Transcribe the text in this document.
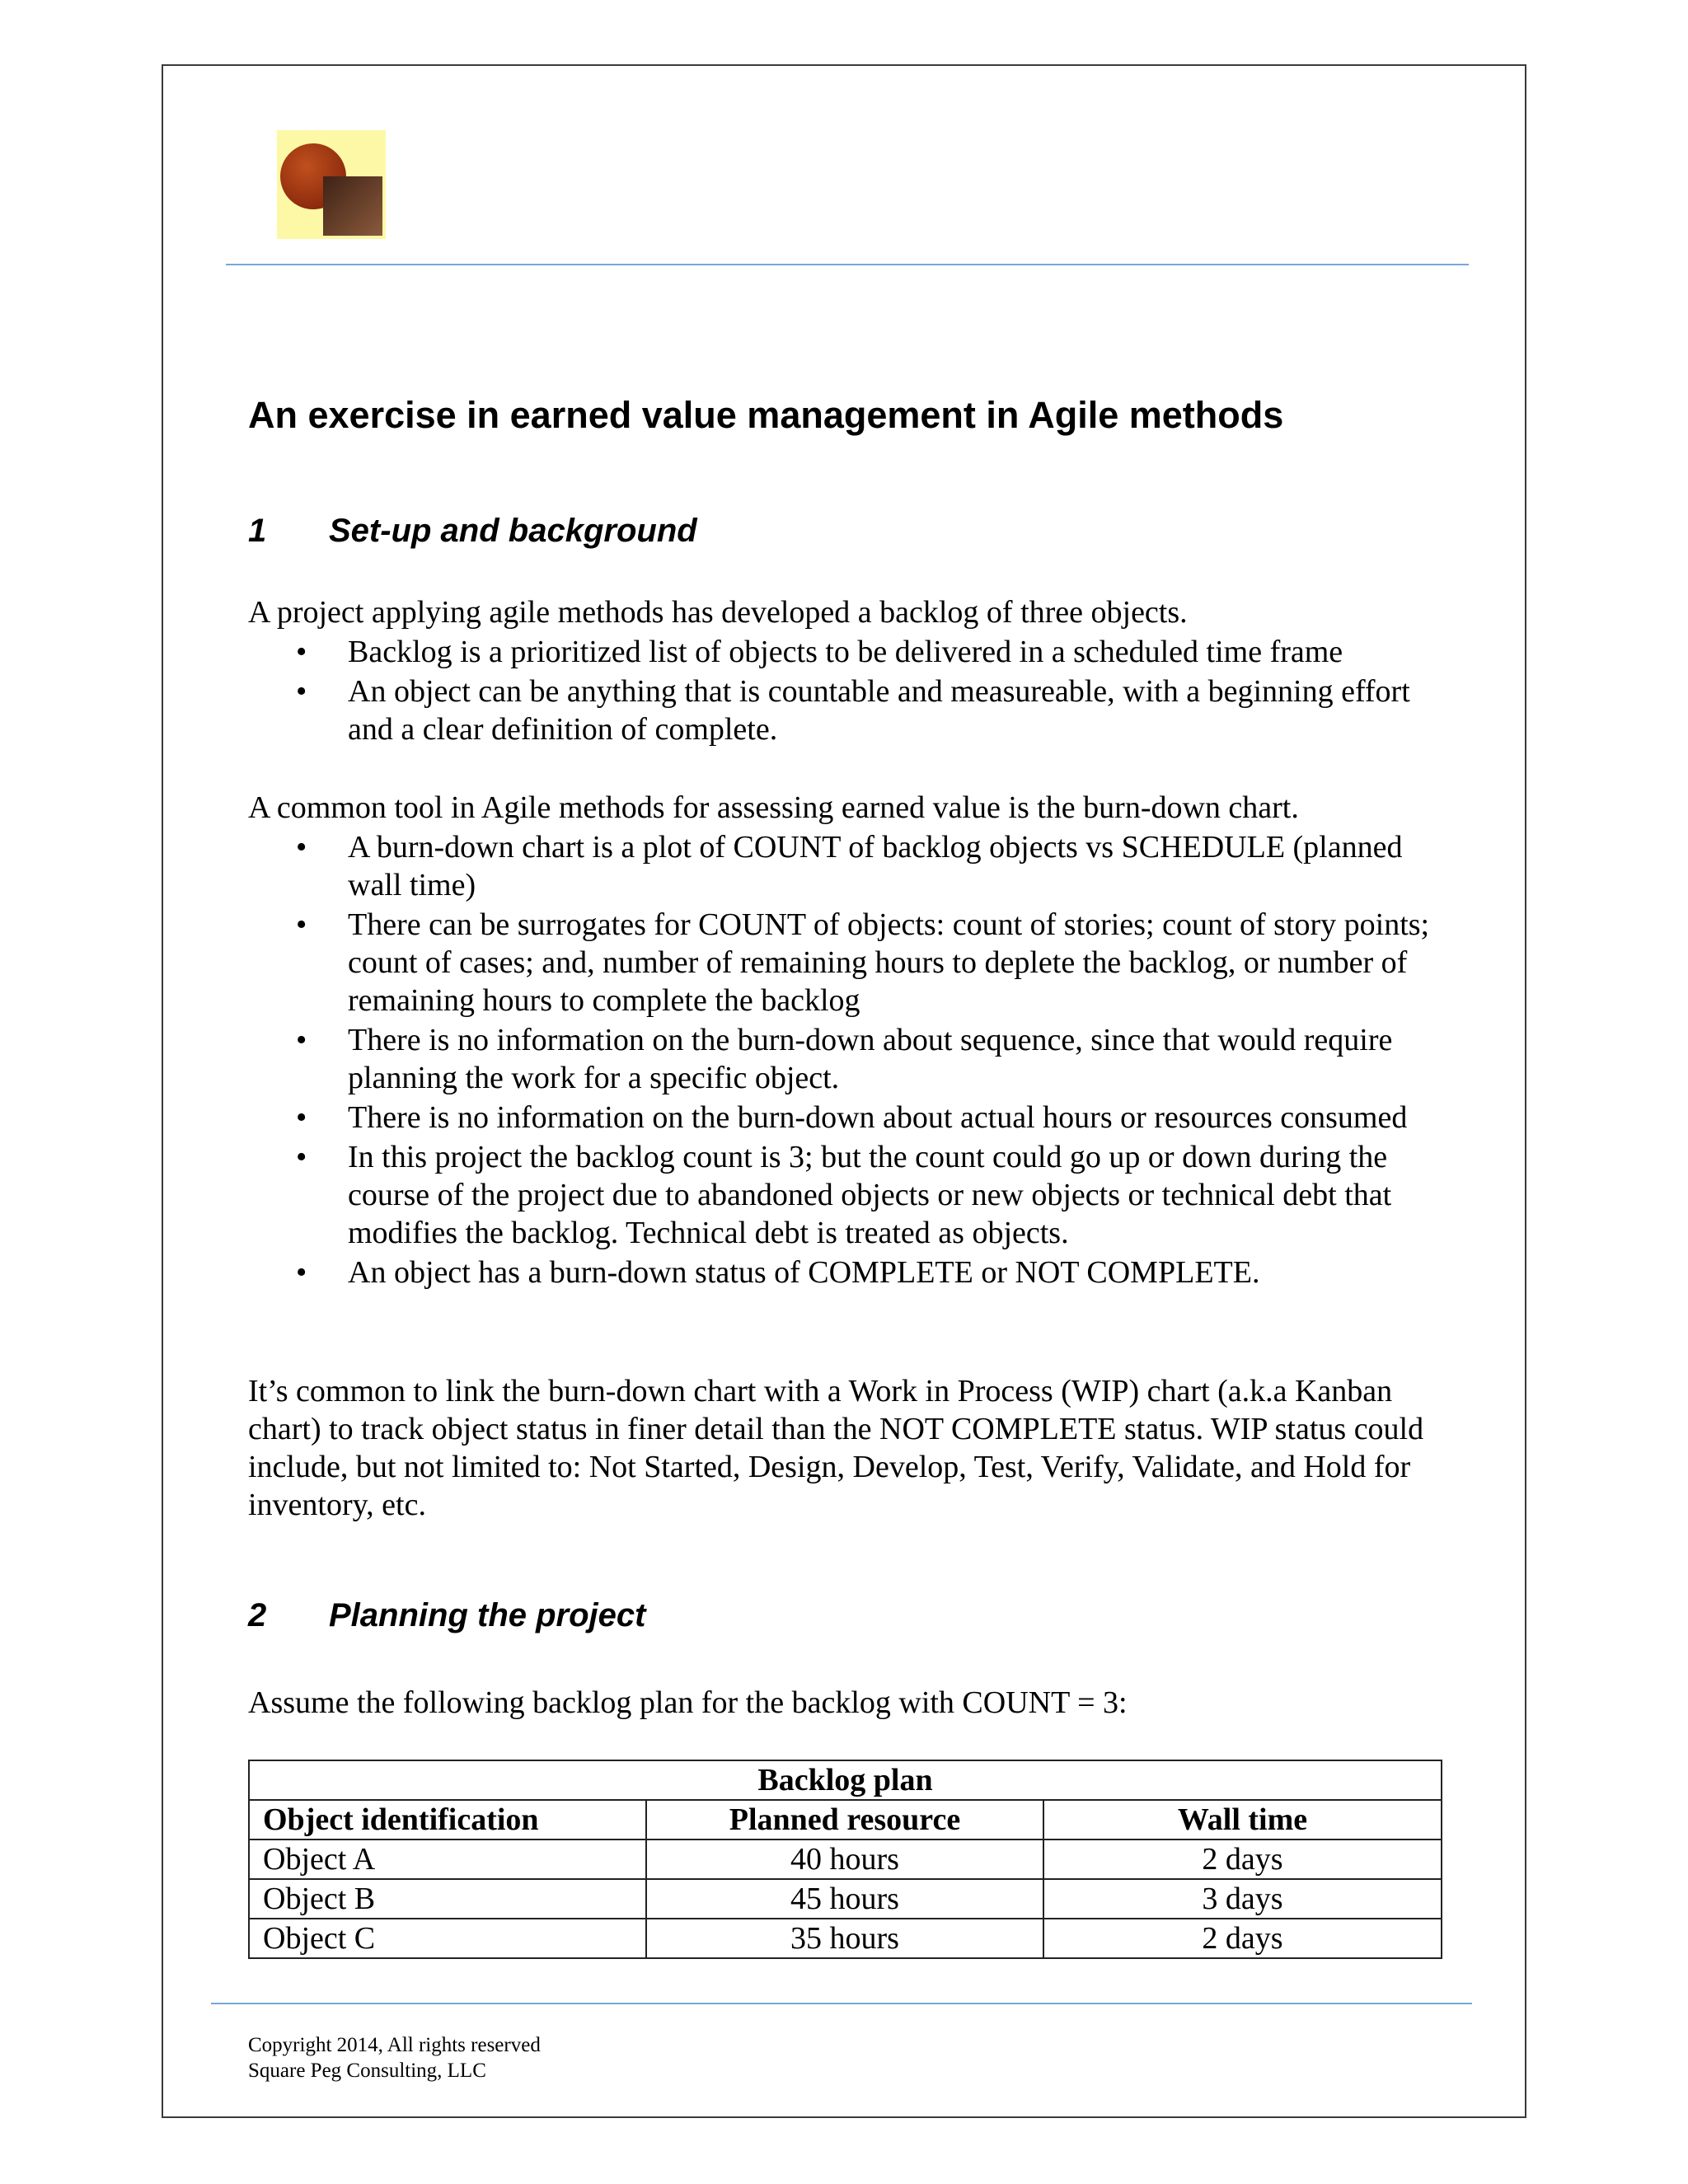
An exercise in earned value management in Agile methods
1 Set-up and background

A project applying agile methods has developed a backlog of three objects.

• Backlog is a prioritized list of objects to be delivered in a scheduled time frame
• An object can be anything that is countable and measureable, with a beginning effort and a clear definition of complete.

A common tool in Agile methods for assessing earned value is the burn-down chart.

• A burn-down chart is a plot of COUNT of backlog objects vs SCHEDULE (planned wall time)
• There can be surrogates for COUNT of objects: count of stories; count of story points; count of cases; and, number of remaining hours to deplete the backlog, or number of remaining hours to complete the backlog
• There is no information on the burn-down about sequence, since that would require planning the work for a specific object.
• There is no information on the burn-down about actual hours or resources consumed
• In this project the backlog count is 3; but the count could go up or down during the course of the project due to abandoned objects or new objects or technical debt that modifies the backlog. Technical debt is treated as objects.
• An object has a burn-down status of COMPLETE or NOT COMPLETE.

It’s common to link the burn-down chart with a Work in Process (WIP) chart (a.k.a Kanban chart) to track object status in finer detail than the NOT COMPLETE status. WIP status could include, but not limited to: Not Started, Design, Develop, Test, Verify, Validate, and Hold for inventory, etc.

2 Planning the project

Assume the following backlog plan for the backlog with COUNT = 3:

Backlog plan		
Object identification	Planned resource	Wall time
Object A	40 hours	2 days
Object B	45 hours	3 days
Object C	35 hours	2 days
Copyright 2014, All rights reserved
Square Peg Consulting, LLC
